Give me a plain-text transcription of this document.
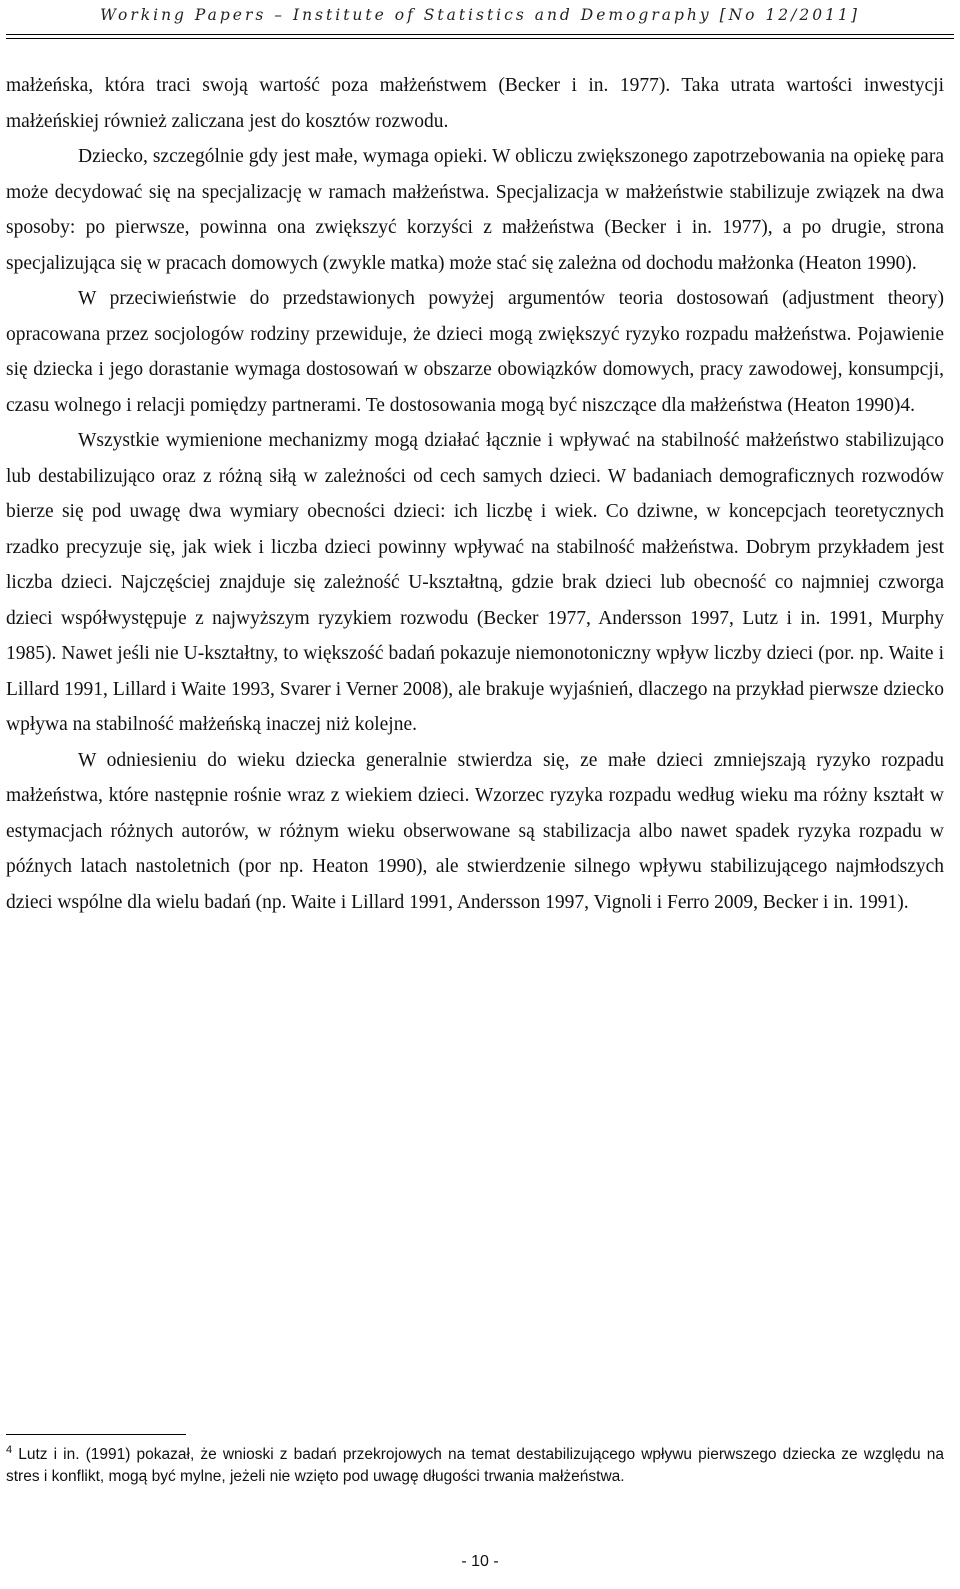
Working Papers – Institute of Statistics and Demography [No 12/2011]

małżeńska, która traci swoją wartość poza małżeństwem (Becker i in. 1977). Taka utrata wartości inwestycji małżeńskiej również zaliczana jest do kosztów rozwodu.

Dziecko, szczególnie gdy jest małe, wymaga opieki. W obliczu zwiększonego zapotrzebowania na opiekę para może decydować się na specjalizację w ramach małżeństwa. Specjalizacja w małżeństwie stabilizuje związek na dwa sposoby: po pierwsze, powinna ona zwiększyć korzyści z małżeństwa (Becker i in. 1977), a po drugie, strona specjalizująca się w pracach domowych (zwykle matka) może stać się zależna od dochodu małżonka (Heaton 1990).

W przeciwieństwie do przedstawionych powyżej argumentów teoria dostosowań (adjustment theory) opracowana przez socjologów rodziny przewiduje, że dzieci mogą zwiększyć ryzyko rozpadu małżeństwa. Pojawienie się dziecka i jego dorastanie wymaga dostosowań w obszarze obowiązków domowych, pracy zawodowej, konsumpcji, czasu wolnego i relacji pomiędzy partnerami. Te dostosowania mogą być niszczące dla małżeństwa (Heaton 1990)4.

Wszystkie wymienione mechanizmy mogą działać łącznie i wpływać na stabilność małżeństwo stabilizująco lub destabilizująco oraz z różną siłą w zależności od cech samych dzieci. W badaniach demograficznych rozwodów bierze się pod uwagę dwa wymiary obecności dzieci: ich liczbę i wiek. Co dziwne, w koncepcjach teoretycznych rzadko precyzuje się, jak wiek i liczba dzieci powinny wpływać na stabilność małżeństwa. Dobrym przykładem jest liczba dzieci. Najczęściej znajduje się zależność U-kształtną, gdzie brak dzieci lub obecność co najmniej czworga dzieci współwystępuje z najwyższym ryzykiem rozwodu (Becker 1977, Andersson 1997, Lutz i in. 1991, Murphy 1985). Nawet jeśli nie U-kształtny, to większość badań pokazuje niemonotoniczny wpływ liczby dzieci (por. np. Waite i Lillard 1991, Lillard i Waite 1993, Svarer i Verner 2008), ale brakuje wyjaśnień, dlaczego na przykład pierwsze dziecko wpływa na stabilność małżeńską inaczej niż kolejne.

W odniesieniu do wieku dziecka generalnie stwierdza się, ze małe dzieci zmniejszają ryzyko rozpadu małżeństwa, które następnie rośnie wraz z wiekiem dzieci. Wzorzec ryzyka rozpadu według wieku ma różny kształt w estymacjach różnych autorów, w różnym wieku obserwowane są stabilizacja albo nawet spadek ryzyka rozpadu w późnych latach nastoletnich (por np. Heaton 1990), ale stwierdzenie silnego wpływu stabilizującego najmłodszych dzieci wspólne dla wielu badań (np. Waite i Lillard 1991, Andersson 1997, Vignoli i Ferro 2009, Becker i in. 1991).

$^4$ Lutz i in. (1991) pokazał, że wnioski z badań przekrojowych na temat destabilizującego wpływu pierwszego dziecka ze względu na stres i konflikt, mogą być mylne, jeżeli nie wzięto pod uwagę długości trwania małżeństwa.

- 10 -
